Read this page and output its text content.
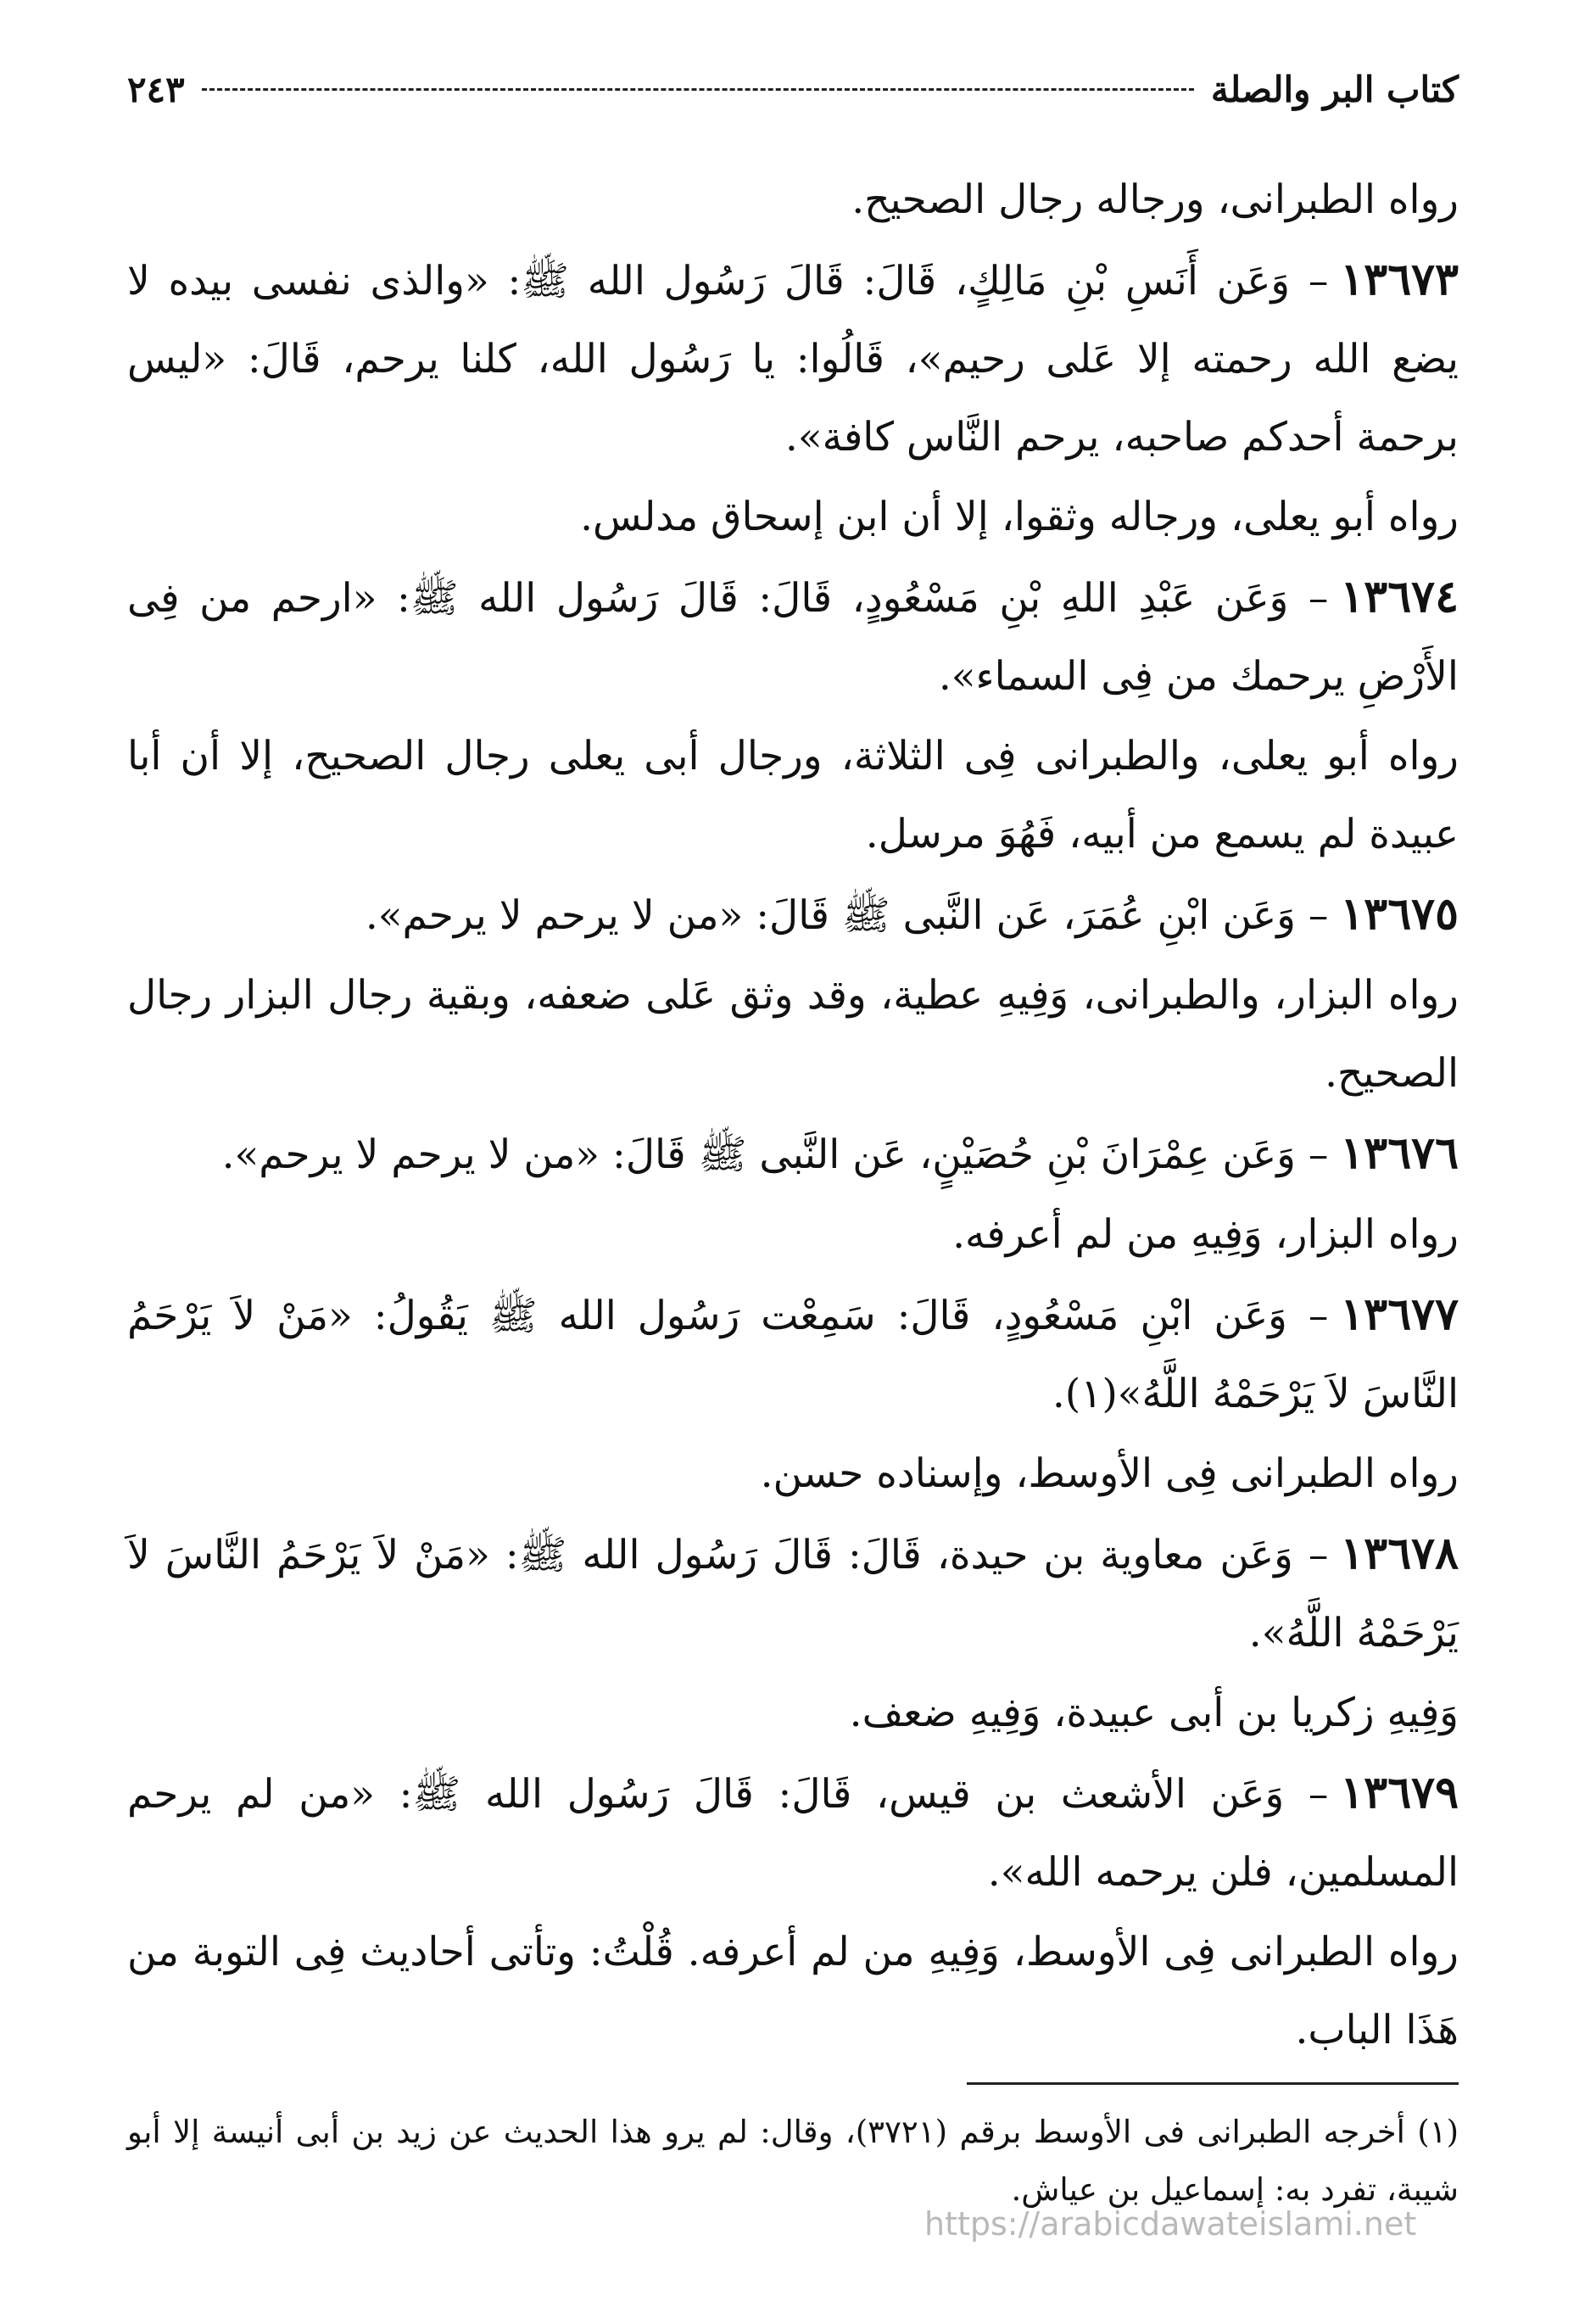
كتاب البر والصلة
٢٤٣

رواه الطبرانى، ورجاله رجال الصحيح.

١٣٦٧٣– وَعَن أَنَسِ بْنِ مَالِكٍ، قَالَ: قَالَ رَسُول الله ﷺ: «والذى نفسى بيده لا يضع الله رحمته إلا عَلى رحيم»، قَالُوا: يا رَسُول الله، كلنا يرحم، قَالَ: «ليس برحمة أحدكم صاحبه، يرحم النَّاس كافة».

رواه أبو يعلى، ورجاله وثقوا، إلا أن ابن إسحاق مدلس.

١٣٦٧٤– وَعَن عَبْدِ اللهِ بْنِ مَسْعُودٍ، قَالَ: قَالَ رَسُول الله ﷺ: «ارحم من فِى الأَرْضِ يرحمك من فِى السماء».

رواه أبو يعلى، والطبرانى فِى الثلاثة، ورجال أبى يعلى رجال الصحيح، إلا أن أبا عبيدة لم يسمع من أبيه، فَهُوَ مرسل.

١٣٦٧٥– وَعَن ابْنِ عُمَرَ، عَن النَّبى ﷺ قَالَ: «من لا يرحم لا يرحم».

رواه البزار، والطبرانى، وَفِيهِ عطية، وقد وثق عَلى ضعفه، وبقية رجال البزار رجال الصحيح.

١٣٦٧٦– وَعَن عِمْرَانَ بْنِ حُصَيْنٍ، عَن النَّبى ﷺ قَالَ: «من لا يرحم لا يرحم».

رواه البزار، وَفِيهِ من لم أعرفه.

١٣٦٧٧– وَعَن ابْنِ مَسْعُودٍ، قَالَ: سَمِعْت رَسُول الله ﷺ يَقُولُ: «مَنْ لاَ يَرْحَمُ النَّاسَ لاَ يَرْحَمْهُ اللَّهُ»(١).

رواه الطبرانى فِى الأوسط، وإسناده حسن.

١٣٦٧٨– وَعَن معاوية بن حيدة، قَالَ: قَالَ رَسُول الله ﷺ: «مَنْ لاَ يَرْحَمُ النَّاسَ لاَ يَرْحَمْهُ اللَّهُ».

وَفِيهِ زكريا بن أبى عبيدة، وَفِيهِ ضعف.

١٣٦٧٩– وَعَن الأشعث بن قيس، قَالَ: قَالَ رَسُول الله ﷺ: «من لم يرحم المسلمين، فلن يرحمه الله».

رواه الطبرانى فِى الأوسط، وَفِيهِ من لم أعرفه. قُلْتُ: وتأتى أحاديث فِى التوبة من هَذَا الباب.

(١) أخرجه الطبرانى فى الأوسط برقم (٣٧٢١)، وقال: لم يرو هذا الحديث عن زيد بن أبى أنيسة إلا أبو شيبة، تفرد به: إسماعيل بن عياش.

https://arabicdawateislami.net
